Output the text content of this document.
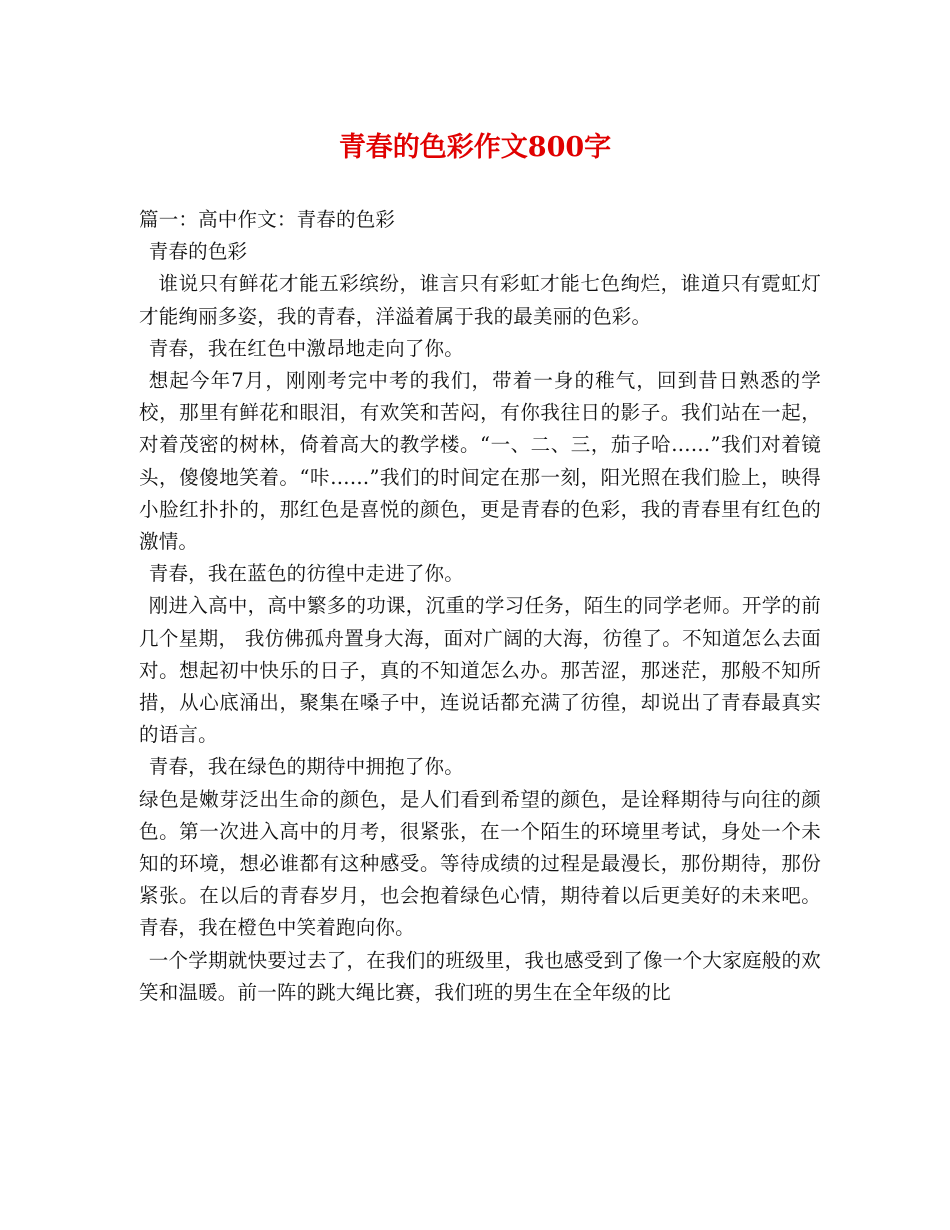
青春的色彩作文800字

篇一：高中作文：青春的色彩

青春的色彩

谁说只有鲜花才能五彩缤纷，谁言只有彩虹才能七色绚烂，谁道只有霓虹灯才能绚丽多姿，我的青春，洋溢着属于我的最美丽的色彩。

青春，我在红色中激昂地走向了你。

想起今年7月，刚刚考完中考的我们，带着一身的稚气，回到昔日熟悉的学校，那里有鲜花和眼泪，有欢笑和苦闷，有你我往日的影子。我们站在一起，对着茂密的树林，倚着高大的教学楼。“一、二、三，茄子哈……”我们对着镜头，傻傻地笑着。“咔……”我们的时间定在那一刻，阳光照在我们脸上，映得小脸红扑扑的，那红色是喜悦的颜色，更是青春的色彩，我的青春里有红色的激情。

青春，我在蓝色的彷徨中走进了你。

刚进入高中，高中繁多的功课，沉重的学习任务，陌生的同学老师。开学的前几个星期， 我仿佛孤舟置身大海，面对广阔的大海，彷徨了。不知道怎么去面对。想起初中快乐的日子，真的不知道怎么办。那苦涩，那迷茫，那般不知所措，从心底涌出，聚集在嗓子中，连说话都充满了彷徨，却说出了青春最真实的语言。

青春，我在绿色的期待中拥抱了你。

绿色是嫩芽泛出生命的颜色，是人们看到希望的颜色，是诠释期待与向往的颜色。第一次进入高中的月考，很紧张，在一个陌生的环境里考试，身处一个未知的环境，想必谁都有这种感受。等待成绩的过程是最漫长，那份期待，那份紧张。在以后的青春岁月，也会抱着绿色心情，期待着以后更美好的未来吧。青春，我在橙色中笑着跑向你。

一个学期就快要过去了，在我们的班级里，我也感受到了像一个大家庭般的欢笑和温暖。前一阵的跳大绳比赛，我们班的男生在全年级的比
